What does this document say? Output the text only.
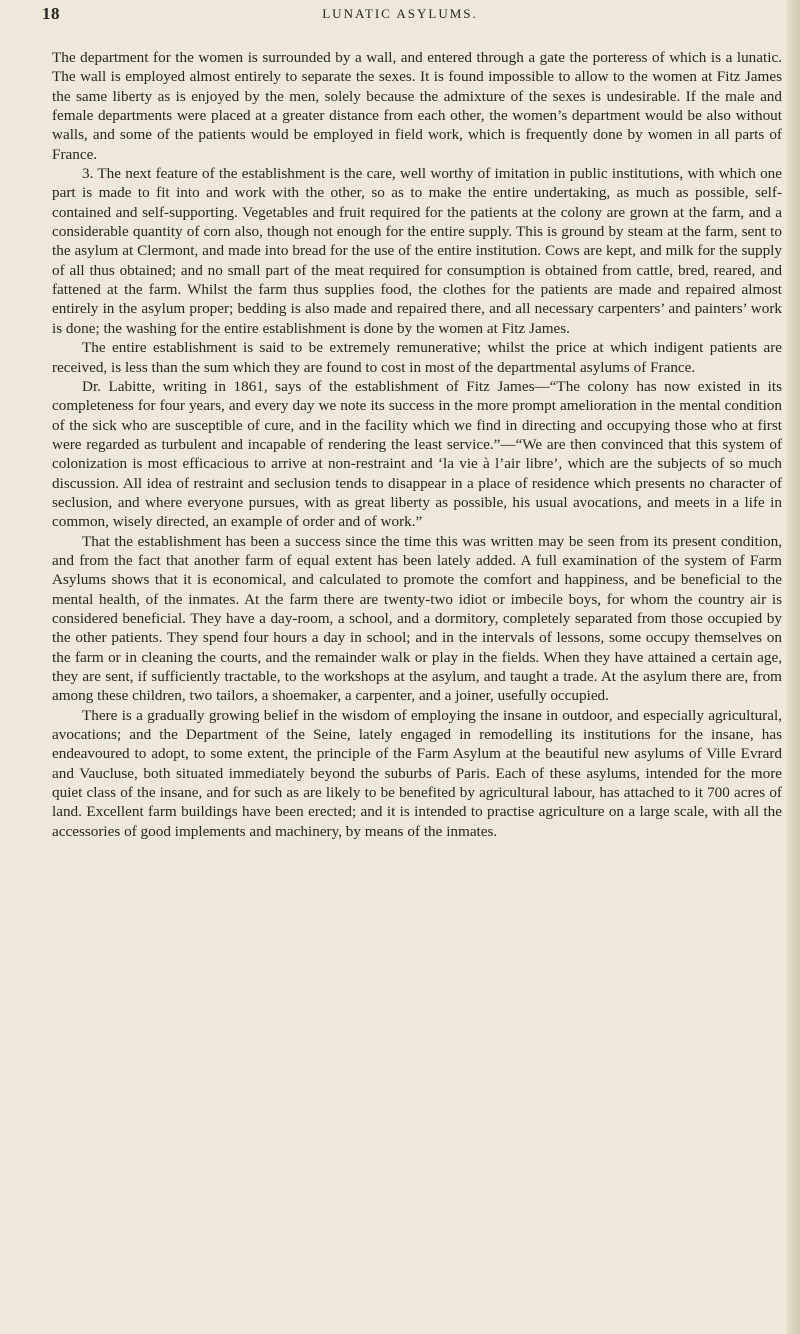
18	LUNATIC ASYLUMS.

The department for the women is surrounded by a wall, and entered through a gate the porteress of which is a lunatic. The wall is employed almost entirely to separate the sexes. It is found impossible to allow to the women at Fitz James the same liberty as is enjoyed by the men, solely because the admixture of the sexes is undesirable. If the male and female departments were placed at a greater distance from each other, the women’s department would be also without walls, and some of the patients would be employed in field work, which is frequently done by women in all parts of France.

3. The next feature of the establishment is the care, well worthy of imitation in public institutions, with which one part is made to fit into and work with the other, so as to make the entire undertaking, as much as possible, self-contained and self-supporting. Vegetables and fruit required for the patients at the colony are grown at the farm, and a considerable quantity of corn also, though not enough for the entire supply. This is ground by steam at the farm, sent to the asylum at Clermont, and made into bread for the use of the entire institution. Cows are kept, and milk for the supply of all thus obtained; and no small part of the meat required for consumption is obtained from cattle, bred, reared, and fattened at the farm. Whilst the farm thus supplies food, the clothes for the patients are made and repaired almost entirely in the asylum proper; bedding is also made and repaired there, and all necessary carpenters’ and painters’ work is done; the washing for the entire establishment is done by the women at Fitz James.

The entire establishment is said to be extremely remunerative; whilst the price at which indigent patients are received, is less than the sum which they are found to cost in most of the departmental asylums of France.

Dr. Labitte, writing in 1861, says of the establishment of Fitz James—“The colony has now existed in its completeness for four years, and every day we note its success in the more prompt amelioration in the mental condition of the sick who are susceptible of cure, and in the facility which we find in directing and occupying those who at first were regarded as turbulent and incapable of rendering the least service.”—“We are then convinced that this system of colonization is most efficacious to arrive at non-restraint and ‘la vie à l’air libre’, which are the subjects of so much discussion. All idea of restraint and seclusion tends to disappear in a place of residence which presents no character of seclusion, and where everyone pursues, with as great liberty as possible, his usual avocations, and meets in a life in common, wisely directed, an example of order and of work.”

That the establishment has been a success since the time this was written may be seen from its present condition, and from the fact that another farm of equal extent has been lately added. A full examination of the system of Farm Asylums shows that it is economical, and calculated to promote the comfort and happiness, and be beneficial to the mental health, of the inmates. At the farm there are twenty-two idiot or imbecile boys, for whom the country air is considered beneficial. They have a day-room, a school, and a dormitory, completely separated from those occupied by the other patients. They spend four hours a day in school; and in the intervals of lessons, some occupy themselves on the farm or in cleaning the courts, and the remainder walk or play in the fields. When they have attained a certain age, they are sent, if sufficiently tractable, to the workshops at the asylum, and taught a trade. At the asylum there are, from among these children, two tailors, a shoemaker, a carpenter, and a joiner, usefully occupied.

There is a gradually growing belief in the wisdom of employing the insane in outdoor, and especially agricultural, avocations; and the Department of the Seine, lately engaged in remodelling its institutions for the insane, has endeavoured to adopt, to some extent, the principle of the Farm Asylum at the beautiful new asylums of Ville Evrard and Vaucluse, both situated immediately beyond the suburbs of Paris. Each of these asylums, intended for the more quiet class of the insane, and for such as are likely to be benefited by agricultural labour, has attached to it 700 acres of land. Excellent farm buildings have been erected; and it is intended to practise agriculture on a large scale, with all the accessories of good implements and machinery, by means of the inmates.
